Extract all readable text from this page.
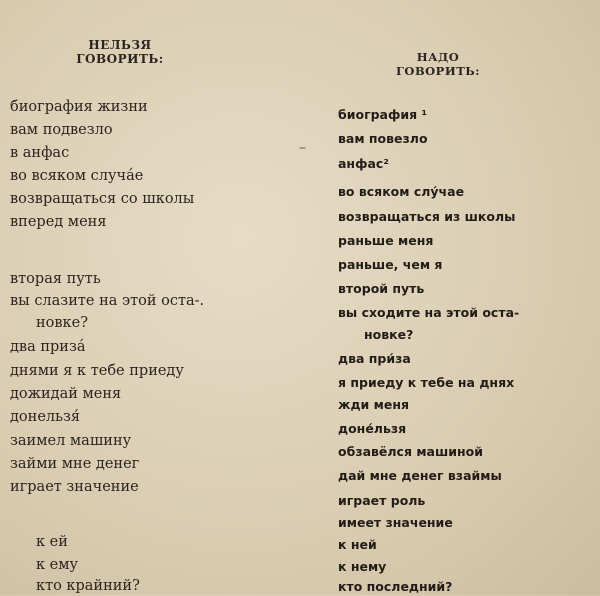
НЕЛЬЗЯ
ГОВОРИТЬ:
биография жизни
вам подвезло
в анфас
во всяком случáе
возвращаться со школы
вперед меня
вторая путь
вы слазите на этой оста-.
новке?
два призá
днями я к тебе приеду
дожидай меня
донельзя́
заимел машину
займи мне денег
играет значение
к ей
к ему
кто крайний?
–
НАДО
ГОВОРИТЬ:
биография ¹
вам повезло
анфас²
во всяком слу́чае
возвращаться из школы
раньше меня
раньше, чем я
второй путь
вы сходите на этой оста-
новке?
два при́за
я приеду к тебе на днях
жди меня
доне́льзя
обзавёлся машиной
дай мне денег взаймы
играет роль
имеет значение
к ней
к нему
кто последний?
